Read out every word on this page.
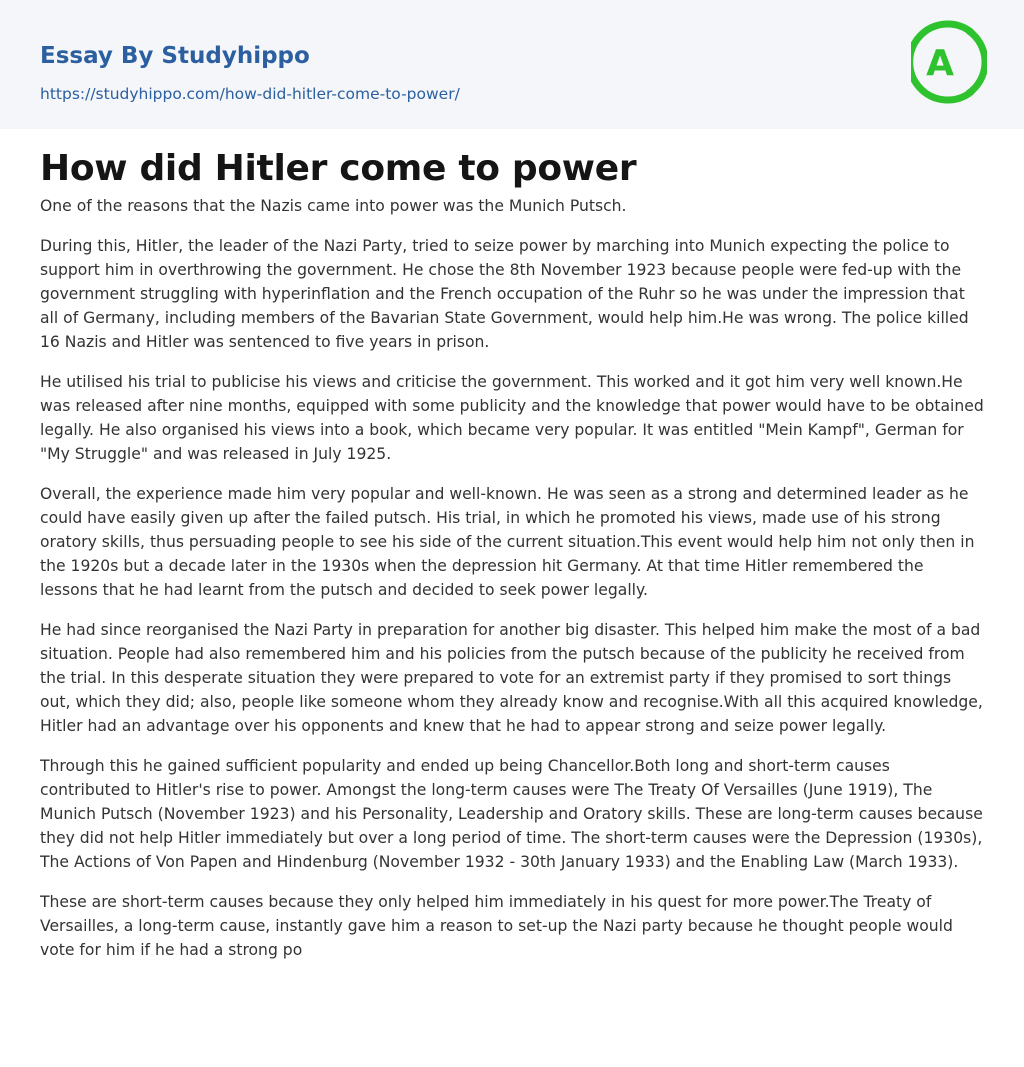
Essay By Studyhippo
https://studyhippo.com/how-did-hitler-come-to-power/
A
How did Hitler come to power

One of the reasons that the Nazis came into power was the Munich Putsch.

During this, Hitler, the leader of the Nazi Party, tried to seize power by marching into Munich expecting the police to support him in overthrowing the government. He chose the 8th November 1923 because people were fed-up with the government struggling with hyperinflation and the French occupation of the Ruhr so he was under the impression that all of Germany, including members of the Bavarian State Government, would help him.He was wrong. The police killed 16 Nazis and Hitler was sentenced to five years in prison.

He utilised his trial to publicise his views and criticise the government. This worked and it got him very well known.He was released after nine months, equipped with some publicity and the knowledge that power would have to be obtained legally. He also organised his views into a book, which became very popular. It was entitled "Mein Kampf", German for "My Struggle" and was released in July 1925.

Overall, the experience made him very popular and well-known. He was seen as a strong and determined leader as he could have easily given up after the failed putsch. His trial, in which he promoted his views, made use of his strong oratory skills, thus persuading people to see his side of the current situation.This event would help him not only then in the 1920s but a decade later in the 1930s when the depression hit Germany. At that time Hitler remembered the lessons that he had learnt from the putsch and decided to seek power legally.

He had since reorganised the Nazi Party in preparation for another big disaster. This helped him make the most of a bad situation. People had also remembered him and his policies from the putsch because of the publicity he received from the trial. In this desperate situation they were prepared to vote for an extremist party if they promised to sort things out, which they did; also, people like someone whom they already know and recognise.With all this acquired knowledge, Hitler had an advantage over his opponents and knew that he had to appear strong and seize power legally.

Through this he gained sufficient popularity and ended up being Chancellor.Both long and short-term causes contributed to Hitler's rise to power. Amongst the long-term causes were The Treaty Of Versailles (June 1919), The Munich Putsch (November 1923) and his Personality, Leadership and Oratory skills. These are long-term causes because they did not help Hitler immediately but over a long period of time. The short-term causes were the Depression (1930s), The Actions of Von Papen and Hindenburg (November 1932 - 30th January 1933) and the Enabling Law (March 1933).

These are short-term causes because they only helped him immediately in his quest for more power.The Treaty of Versailles, a long-term cause, instantly gave him a reason to set-up the Nazi party because he thought people would vote for him if he had a strong po
